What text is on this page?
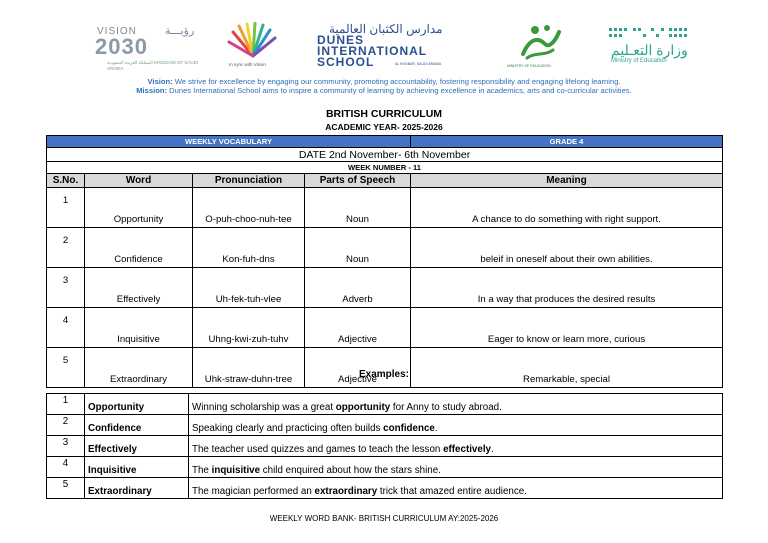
VISION	رؤيـــة
2030
المملكة العربية السعودية KINGDOM OF SAUDI ARABIA
In sync with Vision
مدارس الكثبان العالمية
DUNES
INTERNATIONAL
SCHOOL	AL KHOBAR, SAUDI ARABIA	MINISTRY OF EDUCATION
وزارة التعـليم
Ministry of Education
Vision: We strive for excellence by engaging our community, promoting accountability, fostering responsibility and engaging lifelong learning.
Mission: Dunes International School aims to inspire a community of learning by achieving excellence in academics, arts and co-curricular activities.
BRITISH CURRICULUM
ACADEMIC YEAR- 2025-2026
WEEKLY VOCABULARY				GRADE 4
DATE 2nd November- 6th November				
WEEK NUMBER - 11				
S.No.	Word	Pronunciation	Parts of Speech	Meaning
1	Opportunity	O-puh-choo-nuh-tee	Noun	A chance to do something with right support.
2	Confidence	Kon-fuh-dns	Noun	beleif in oneself about their own abilities.
3	Effectively	Uh-fek-tuh-vlee	Adverb	In a way that produces the desired results
4	Inquisitive	Uhng-kwi-zuh-tuhv	Adjective	Eager to know or learn more, curious
5	Extraordinary	Uhk-straw-duhn-tree	Adjective	Remarkable, special
Examples:
1	Opportunity	Winning scholarship was a great opportunity for Anny to study abroad.
2	Confidence	Speaking clearly and practicing often builds confidence.
3	Effectively	The teacher used quizzes and games to teach the lesson effectively.
4	Inquisitive	The inquisitive child enquired about how the stars shine.
5	Extraordinary	The magician performed an extraordinary trick that amazed entire audience.
WEEKLY WORD BANK- BRITISH CURRICULUM AY:2025-2026
